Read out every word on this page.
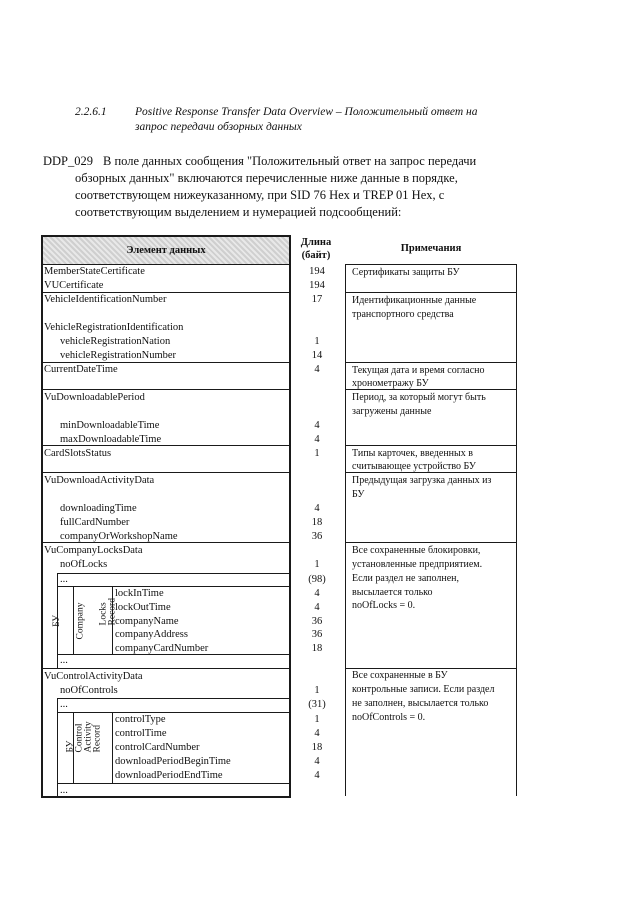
2.2.6.1 Positive Response Transfer Data Overview – Положительный ответ на
запрос передачи обзорных данных
DDP_029 В поле данных сообщения "Положительный ответ на запрос передачи
обзорных данных" включаются перечисленные ниже данные в порядке,
соответствующем нижеуказанному, при SID 76 Hex и TREP 01 Hex, с
соответствующим выделением и нумерацией подсообщений:
Элемент данных
Длина
(байт)
Примечания
MemberStateCertificate
VUCertificate
VehicleIdentificationNumber
VehicleRegistrationIdentification
vehicleRegistrationNation
vehicleRegistrationNumber
CurrentDateTime
VuDownloadablePeriod
minDownloadableTime
maxDownloadableTime
CardSlotsStatus
VuDownloadActivityData
downloadingTime
fullCardNumber
companyOrWorkshopName
VuCompanyLocksData
noOfLocks
...
lockInTime
lockOutTime
companyName
companyAddress
companyCardNumber
...
VuControlActivityData
noOfControls
...
controlType
controlTime
controlCardNumber
downloadPeriodBeginTime
downloadPeriodEndTime
...
БУ Company Locks Record
БУ Control Activity Record
194
194
17
1
14
4
4
4
1
4
18
36
1
(98)
4
4
36
36
18
1
(31)
1
4
18
4
4
Сертификаты защиты БУ
Идентификационные данные
транспортного средства
Текущая дата и время согласно
хронометражу БУ
Период, за который могут быть
загружены данные
Типы карточек, введенных в
считывающее устройство БУ
Предыдущая загрузка данных из
БУ
Все сохраненные блокировки,
установленные предприятием.
Если раздел не заполнен,
высылается только
noOfLocks = 0.
Все сохраненные в БУ
контрольные записи. Если раздел
не заполнен, высылается только
noOfControls = 0.
